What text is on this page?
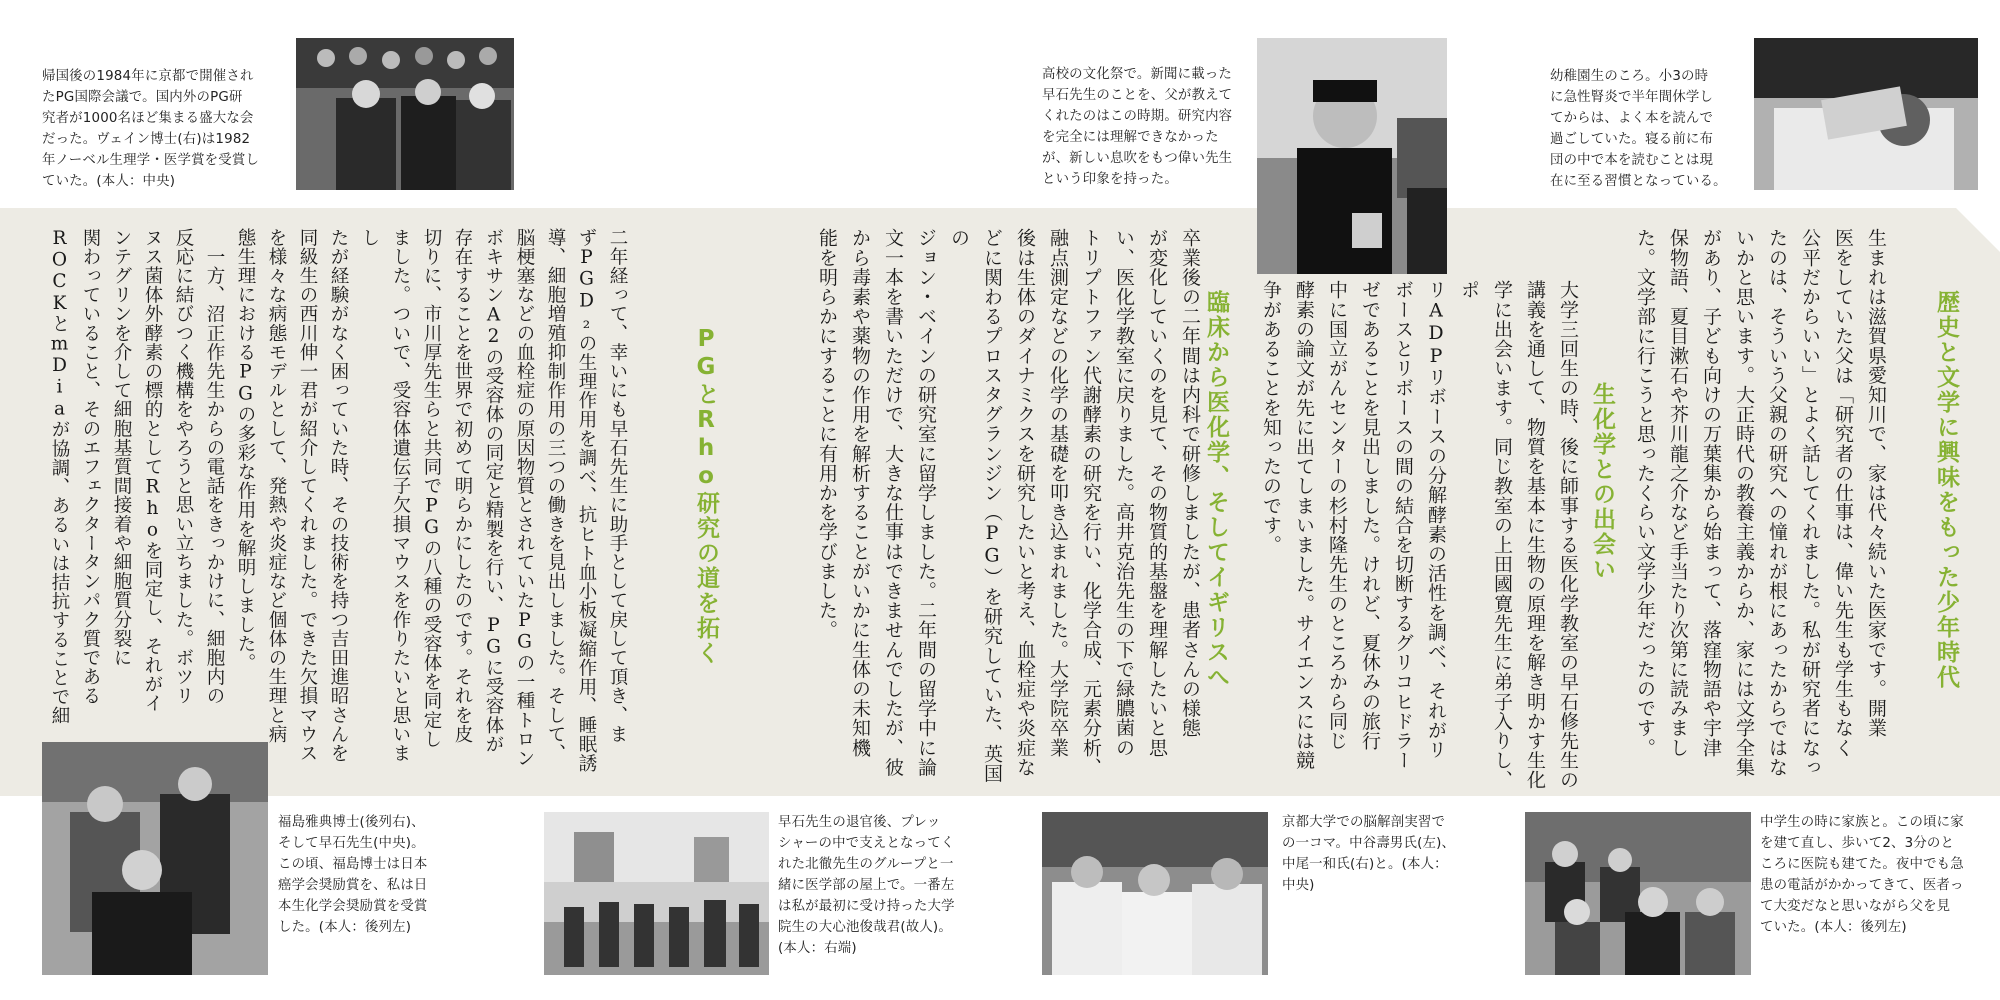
帰国後の1984年に京都で開催され
たPG国際会議で。国内外のPG研
究者が1000名ほど集まる盛大な会
だった。ヴェイン博士(右)は1982
年ノーベル生理学・医学賞を受賞し
ていた。(本人：中央)
高校の文化祭で。新聞に載った
早石先生のことを、父が教えて
くれたのはこの時期。研究内容
を完全には理解できなかった
が、新しい息吹をもつ偉い先生
という印象を持った。
幼稚園生のころ。小3の時
に急性腎炎で半年間休学し
てからは、よく本を読んで
過ごしていた。寝る前に布
団の中で本を読むことは現
在に至る習慣となっている。
福島雅典博士(後列右)、
そして早石先生(中央)。
この頃、福島博士は日本
癌学会奨励賞を、私は日
本生化学会奨励賞を受賞
した。(本人：後列左)
早石先生の退官後、プレッ
シャーの中で支えとなってく
れた北徹先生のグループと一
緒に医学部の屋上で。一番左
は私が最初に受け持った大学
院生の大心池俊哉君(故人)。
(本人：右端)
京都大学での脳解剖実習で
の一コマ。中谷壽男氏(左)、
中尾一和氏(右)と。(本人：
中央)
中学生の時に家族と。この頃に家
を建て直し、歩いて2、3分のと
ころに医院も建てた。夜中でも急
患の電話がかかってきて、医者っ
て大変だなと思いながら父を見
ていた。(本人：後列左)
歴史と文学に興味をもった少年時代
生まれは滋賀県愛知川で、家は代々続いた医家です。開業
医をしていた父は「研究者の仕事は、偉い先生も学生もなく
公平だからいい」とよく話してくれました。私が研究者になっ
たのは、そういう父親の研究への憧れが根にあったからではな
いかと思います。大正時代の教養主義からか、家には文学全集
があり、子ども向けの万葉集から始まって、落窪物語や宇津
保物語、夏目漱石や芥川龍之介など手当たり次第に読みまし
た。文学部に行こうと思ったくらい文学少年だったのです。
生化学との出会い
大学三回生の時、後に師事する医化学教室の早石修先生の
講義を通して、物質を基本に生物の原理を解き明かす生化
学に出会います。同じ教室の上田國寛先生に弟子入りし、ポ
リADPリボースの分解酵素の活性を調べ、それがリ
ボースとリボースの間の結合を切断するグリコヒドラー
ゼであることを見出しました。けれど、夏休みの旅行
中に国立がんセンターの杉村隆先生のところから同じ
酵素の論文が先に出てしまいました。サイエンスには競
争があることを知ったのです。
臨床から医化学、そしてイギリスへ
卒業後の二年間は内科で研修しましたが、患者さんの様態
が変化していくのを見て、その物質的基盤を理解したいと思
い、医化学教室に戻りました。高井克治先生の下で緑膿菌の
トリプトファン代謝酵素の研究を行い、化学合成、元素分析、
融点測定などの化学の基礎を叩き込まれました。大学院卒業
後は生体のダイナミクスを研究したいと考え、血栓症や炎症な
どに関わるプロスタグランジン（PG）を研究していた、英国の
ジョン・ベインの研究室に留学しました。二年間の留学中に論
文一本を書いただけで、大きな仕事はできませんでしたが、彼
から毒素や薬物の作用を解析することがいかに生体の未知機
能を明らかにすることに有用かを学びました。
PGとRho研究の道を拓く
二年経って、幸いにも早石先生に助手として戻して頂き、ま
ずPGD₂の生理作用を調べ、抗ヒト血小板凝縮作用、睡眠誘
導、細胞増殖抑制作用の三つの働きを見出しました。そして、
脳梗塞などの血栓症の原因物質とされていたPGの一種トロン
ボキサンA2の受容体の同定と精製を行い、PGに受容体が
存在することを世界で初めて明らかにしたのです。それを皮
切りに、市川厚先生らと共同でPGの八種の受容体を同定し
ました。ついで、受容体遺伝子欠損マウスを作りたいと思いまし
たが経験がなく困っていた時、その技術を持つ吉田進昭さんを
同級生の西川伸一君が紹介してくれました。できた欠損マウス
を様々な病態モデルとして、発熱や炎症など個体の生理と病
態生理におけるPGの多彩な作用を解明しました。
　一方、沼正作先生からの電話をきっかけに、細胞内の
反応に結びつく機構をやろうと思い立ちました。ボツリ
ヌス菌体外酵素の標的としてRhoを同定し、それがイ
ンテグリンを介して細胞基質間接着や細胞質分裂に
関わっていること、そのエフェクタータンパク質である
ROCKとmDiaが協調、あるいは拮抗することで細
